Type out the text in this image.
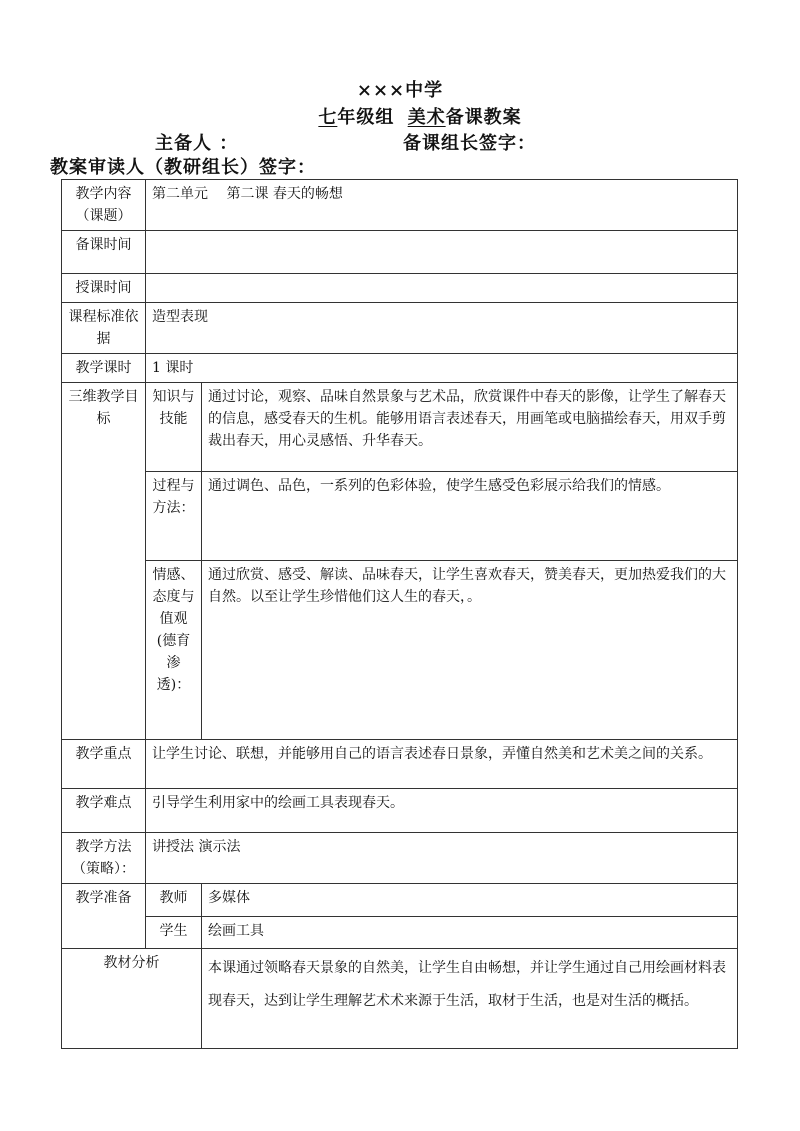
×××中学
七年级组 美术备课教案
主备人 ：	备课组长签字：
教案审读人（教研组长）签字：
教学内容（课题）	第二单元　 第二课 春天的畅想	
备课时间		
授课时间		
课程标准依据	造型表现	
教学课时	1 课时	
三维教学目标	知识与技能	通过讨论，观察、品味自然景象与艺术品，欣赏课件中春天的影像，让学生了解春天的信息，感受春天的生机。能够用语言表述春天，用画笔或电脑描绘春天，用双手剪裁出春天，用心灵感悟、升华春天。
	过程与方法：	通过调色、品色，一系列的色彩体验，使学生感受色彩展示给我们的情感。
	情感、态度与值观(德育渗透)：	通过欣赏、感受、解读、品味春天，让学生喜欢春天，赞美春天，更加热爱我们的大自然。以至让学生珍惜他们这人生的春天，。
教学重点	让学生讨论、联想，并能够用自己的语言表述春日景象，弄懂自然美和艺术美之间的关系。	
教学难点	引导学生利用家中的绘画工具表现春天。	
教学方法（策略）：	讲授法 演示法	
教学准备	教师	多媒体
	学生	绘画工具
教材分析		本课通过领略春天景象的自然美，让学生自由畅想，并让学生通过自己用绘画材料表现春天，达到让学生理解艺术术来源于生活，取材于生活，也是对生活的概括。
